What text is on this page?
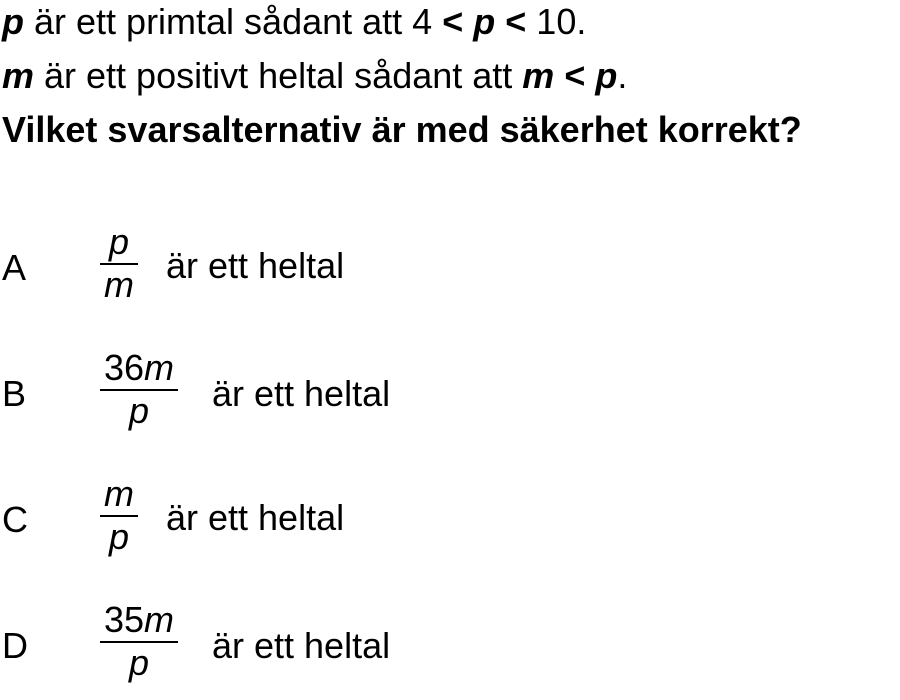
p är ett primtal sådant att 4 < p < 10.
m är ett positivt heltal sådant att m < p.
Vilket svarsalternativ är med säkerhet korrekt?
A
p
m är ett heltal
B
36m
p är ett heltal
C
m
p är ett heltal
D
35m
p är ett heltal
